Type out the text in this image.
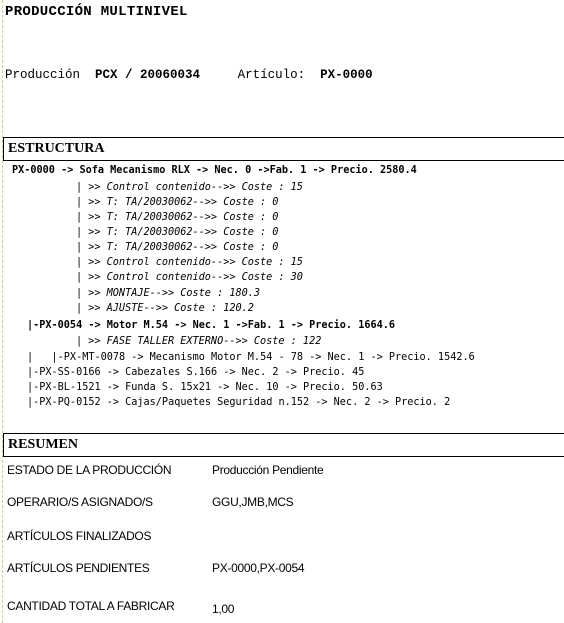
PRODUCCIÓN MULTINIVEL
Producción PCX / 20060034	Artículo: PX-0000
ESTRUCTURA
PX-0000 -> Sofa Mecanismo RLX -> Nec. 0 ->Fab. 1 -> Precio. 2580.4
| >> Control contenido-->> Coste : 15
| >> T: TA/20030062-->> Coste : 0
| >> T: TA/20030062-->> Coste : 0
| >> T: TA/20030062-->> Coste : 0
| >> T: TA/20030062-->> Coste : 0
| >> Control contenido-->> Coste : 15
| >> Control contenido-->> Coste : 30
| >> MONTAJE-->> Coste : 180.3
| >> AJUSTE-->> Coste : 120.2
|-PX-0054 -> Motor M.54 -> Nec. 1 ->Fab. 1 -> Precio. 1664.6
| >> FASE TALLER EXTERNO-->> Coste : 122
|   |-PX-MT-0078 -> Mecanismo Motor M.54 - 78 -> Nec. 1 -> Precio. 1542.6
|-PX-SS-0166 -> Cabezales S.166 -> Nec. 2 -> Precio. 45
|-PX-BL-1521 -> Funda S. 15x21 -> Nec. 10 -> Precio. 50.63
|-PX-PQ-0152 -> Cajas/Paquetes Seguridad n.152 -> Nec. 2 -> Precio. 2
RESUMEN
ESTADO DE LA PRODUCCIÓN	Producción Pendiente
OPERARIO/S ASIGNADO/S	GGU,JMB,MCS
ARTÍCULOS FINALIZADOS
ARTÍCULOS PENDIENTES	PX-0000,PX-0054
CANTIDAD TOTAL A FABRICAR	1,00
